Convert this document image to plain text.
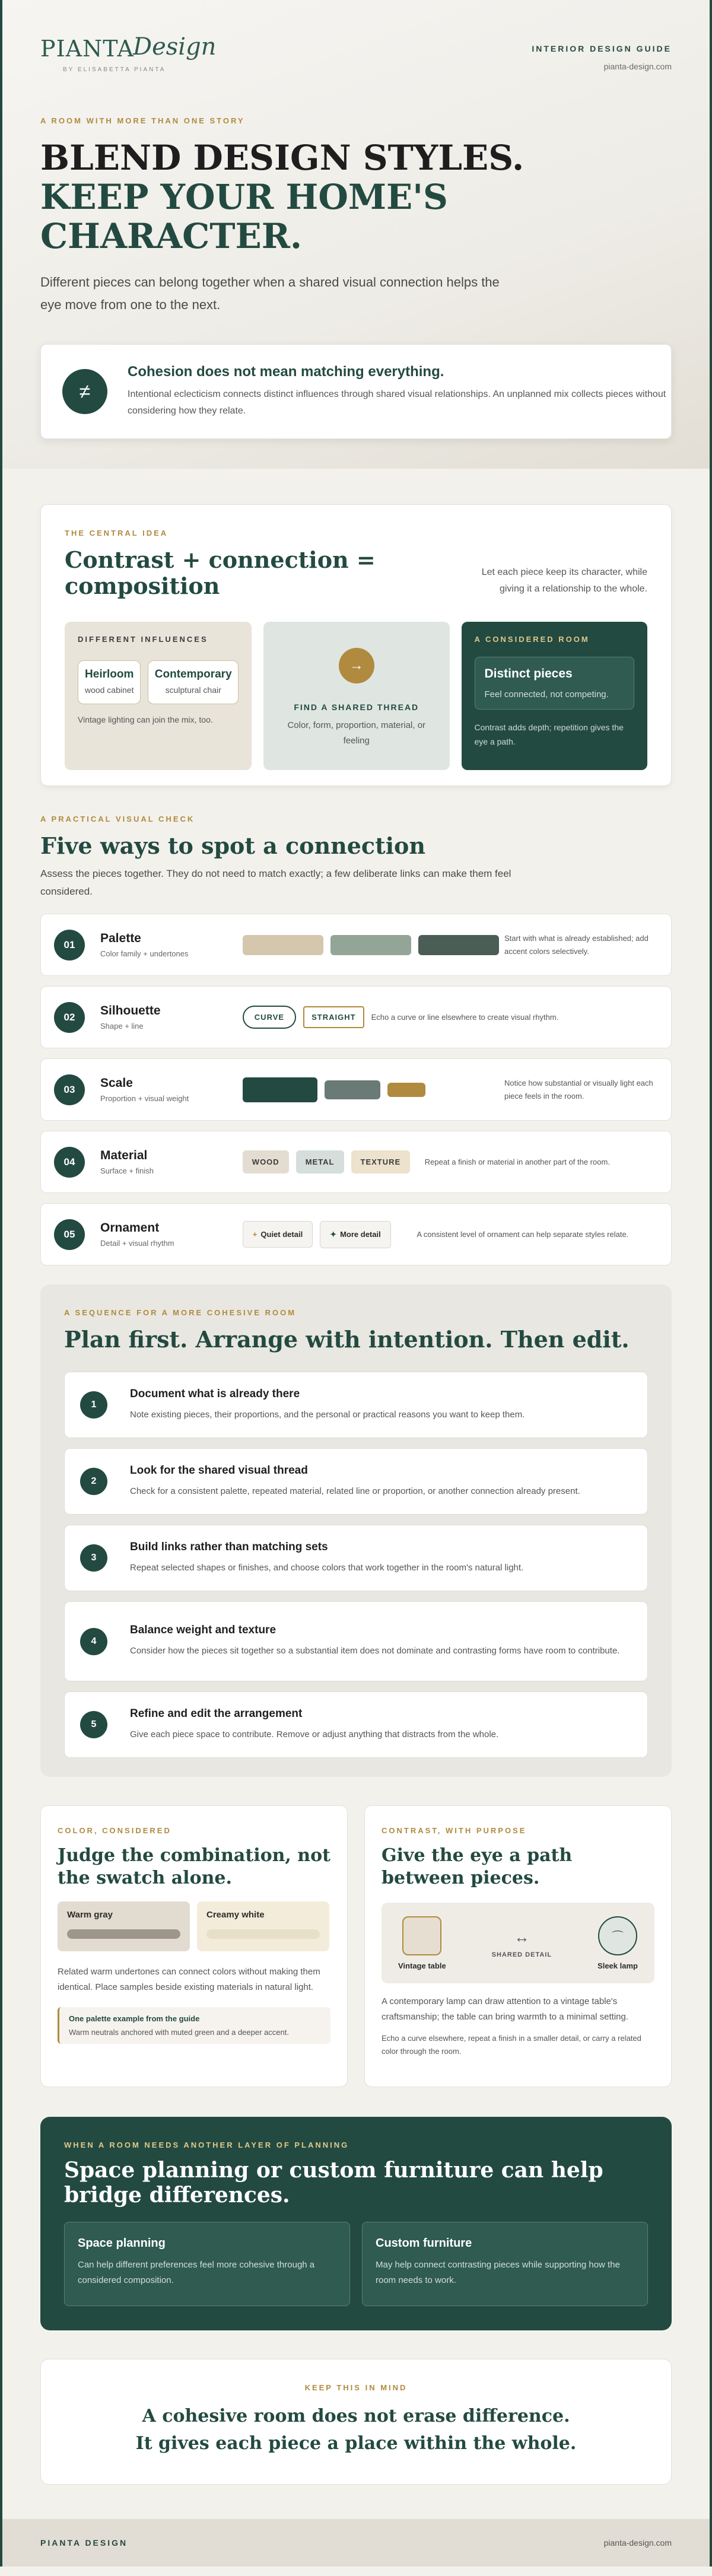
PIANTA
Design
BY ELISABETTA PIANTA
INTERIOR DESIGN GUIDE
pianta-design.com
A ROOM WITH MORE THAN ONE STORY
BLEND DESIGN STYLES.
KEEP YOUR HOME'S
CHARACTER.

Different pieces can belong together when a shared visual connection helps the eye move from one to the next.

≠
Cohesion does not mean matching everything.
Intentional eclecticism connects distinct influences through shared visual relationships. An unplanned mix collects pieces without considering how they relate.
THE CENTRAL IDEA
Contrast + connection = composition
Let each piece keep its character, while giving it a relationship to the whole.
DIFFERENT INFLUENCES
Heirloom
wood cabinet
Contemporary
sculptural chair
Vintage lighting can join the mix, too.
→
FIND A SHARED THREAD
Color, form, proportion, material, or feeling
A CONSIDERED ROOM
Distinct pieces
Feel connected, not competing.
Contrast adds depth; repetition gives the eye a path.
A PRACTICAL VISUAL CHECK
Five ways to spot a connection

Assess the pieces together. They do not need to match exactly; a few deliberate links can make them feel considered.

01	Palette
Color family + undertones
Start with what is already established; add accent colors selectively.
02	Silhouette
Shape + line
CURVE	STRAIGHT	Echo a curve or line elsewhere to create visual rhythm.
03	Scale
Proportion + visual weight
Notice how substantial or visually light each piece feels in the room.
04	Material
Surface + finish
WOOD	METAL	TEXTURE	Repeat a finish or material in another part of the room.
05	Ornament
Detail + visual rhythm
+ Quiet detail	✦ More detail	A consistent level of ornament can help separate styles relate.
A SEQUENCE FOR A MORE COHESIVE ROOM
Plan first. Arrange with intention. Then edit.
1
Document what is already there
Note existing pieces, their proportions, and the personal or practical reasons you want to keep them.
2
Look for the shared visual thread
Check for a consistent palette, repeated material, related line or proportion, or another connection already present.
3
Build links rather than matching sets
Repeat selected shapes or finishes, and choose colors that work together in the room's natural light.
4
Balance weight and texture
Consider how the pieces sit together so a substantial item does not dominate and contrasting forms have room to contribute.
5
Refine and edit the arrangement
Give each piece space to contribute. Remove or adjust anything that distracts from the whole.
COLOR, CONSIDERED
Judge the combination, not the swatch alone.
Warm gray	Creamy white

Related warm undertones can connect colors without making them identical. Place samples beside existing materials in natural light.

One palette example from the guide
Warm neutrals anchored with muted green and a deeper accent.
CONTRAST, WITH PURPOSE
Give the eye a path between pieces.
Vintage table
↔
SHARED DETAIL
⌒
Sleek lamp

A contemporary lamp can draw attention to a vintage table's craftsmanship; the table can bring warmth to a minimal setting.

Echo a curve elsewhere, repeat a finish in a smaller detail, or carry a related color through the room.

WHEN A ROOM NEEDS ANOTHER LAYER OF PLANNING
Space planning or custom furniture can help bridge differences.
Space planning
Can help different preferences feel more cohesive through a considered composition.
Custom furniture
May help connect contrasting pieces while supporting how the room needs to work.
KEEP THIS IN MIND
A cohesive room does not erase difference.
It gives each piece a place within the whole.
PIANTA DESIGN	pianta-design.com
